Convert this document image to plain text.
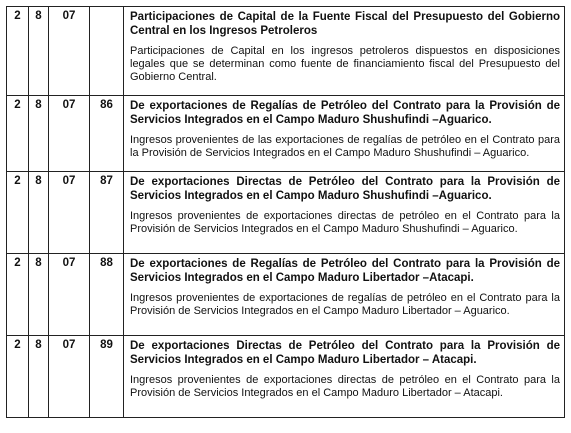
2	8	07		Participaciones de Capital de la Fuente Fiscal del Presupuesto del Gobierno Central en los Ingresos Petroleros

Participaciones de Capital en los ingresos petroleros dispuestos en disposiciones legales que se determinan como fuente de financiamiento fiscal del Presupuesto del Gobierno Central.

2	8	07	86	De exportaciones de Regalías de Petróleo del Contrato para la Provisión de Servicios Integrados en el Campo Maduro Shushufindi –Aguarico.

Ingresos provenientes de las exportaciones de regalías de petróleo en el Contrato para la Provisión de Servicios Integrados en el Campo Maduro Shushufindi – Aguarico.

2	8	07	87	De exportaciones Directas de Petróleo del Contrato para la Provisión de Servicios Integrados en el Campo Maduro Shushufindi –Aguarico.

Ingresos provenientes de exportaciones directas de petróleo en el Contrato para la Provisión de Servicios Integrados en el Campo Maduro Shushufindi – Aguarico.

2	8	07	88	De exportaciones de Regalías de Petróleo del Contrato para la Provisión de Servicios Integrados en el Campo Maduro Libertador –Atacapi.

Ingresos provenientes de exportaciones de regalías de petróleo en el Contrato para la Provisión de Servicios Integrados en el Campo Maduro Libertador – Aguarico.

2	8	07	89	De exportaciones Directas de Petróleo del Contrato para la Provisión de Servicios Integrados en el Campo Maduro Libertador – Atacapi.

Ingresos provenientes de exportaciones directas de petróleo en el Contrato para la Provisión de Servicios Integrados en el Campo Maduro Libertador – Atacapi.
